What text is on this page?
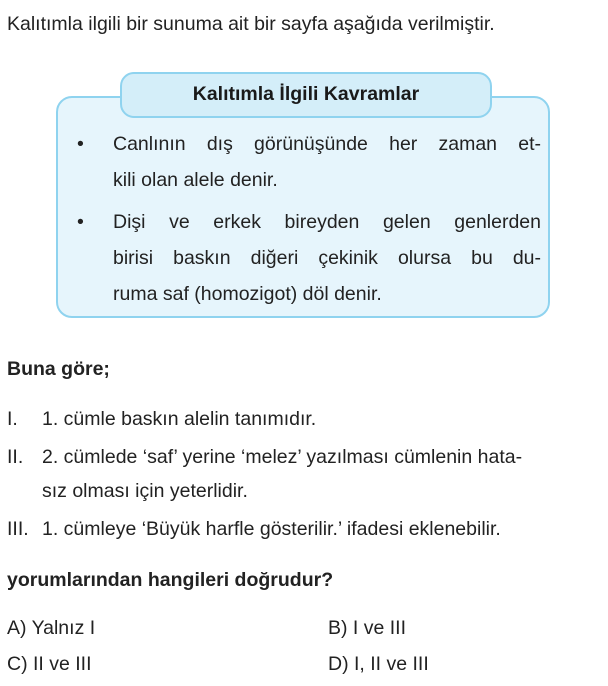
Kalıtımla ilgili bir sunuma ait bir sayfa aşağıda verilmiştir.
Kalıtımla İlgili Kavramlar
• Canlının dış görünüşünde her zaman et-
kili olan alele denir.
• Dişi ve erkek bireyden gelen genlerden
birisi baskın diğeri çekinik olursa bu du-
ruma saf (homozigot) döl denir.
Buna göre;
I. 1. cümle baskın alelin tanımıdır.
II. 2. cümlede ‘saf’ yerine ‘melez’ yazılması cümlenin hata-
sız olması için yeterlidir.
III. 1. cümleye ‘Büyük harfle gösterilir.’ ifadesi eklenebilir.
yorumlarından hangileri doğrudur?
A) Yalnız I	B) I ve III
C) II ve III	D) I, II ve III
